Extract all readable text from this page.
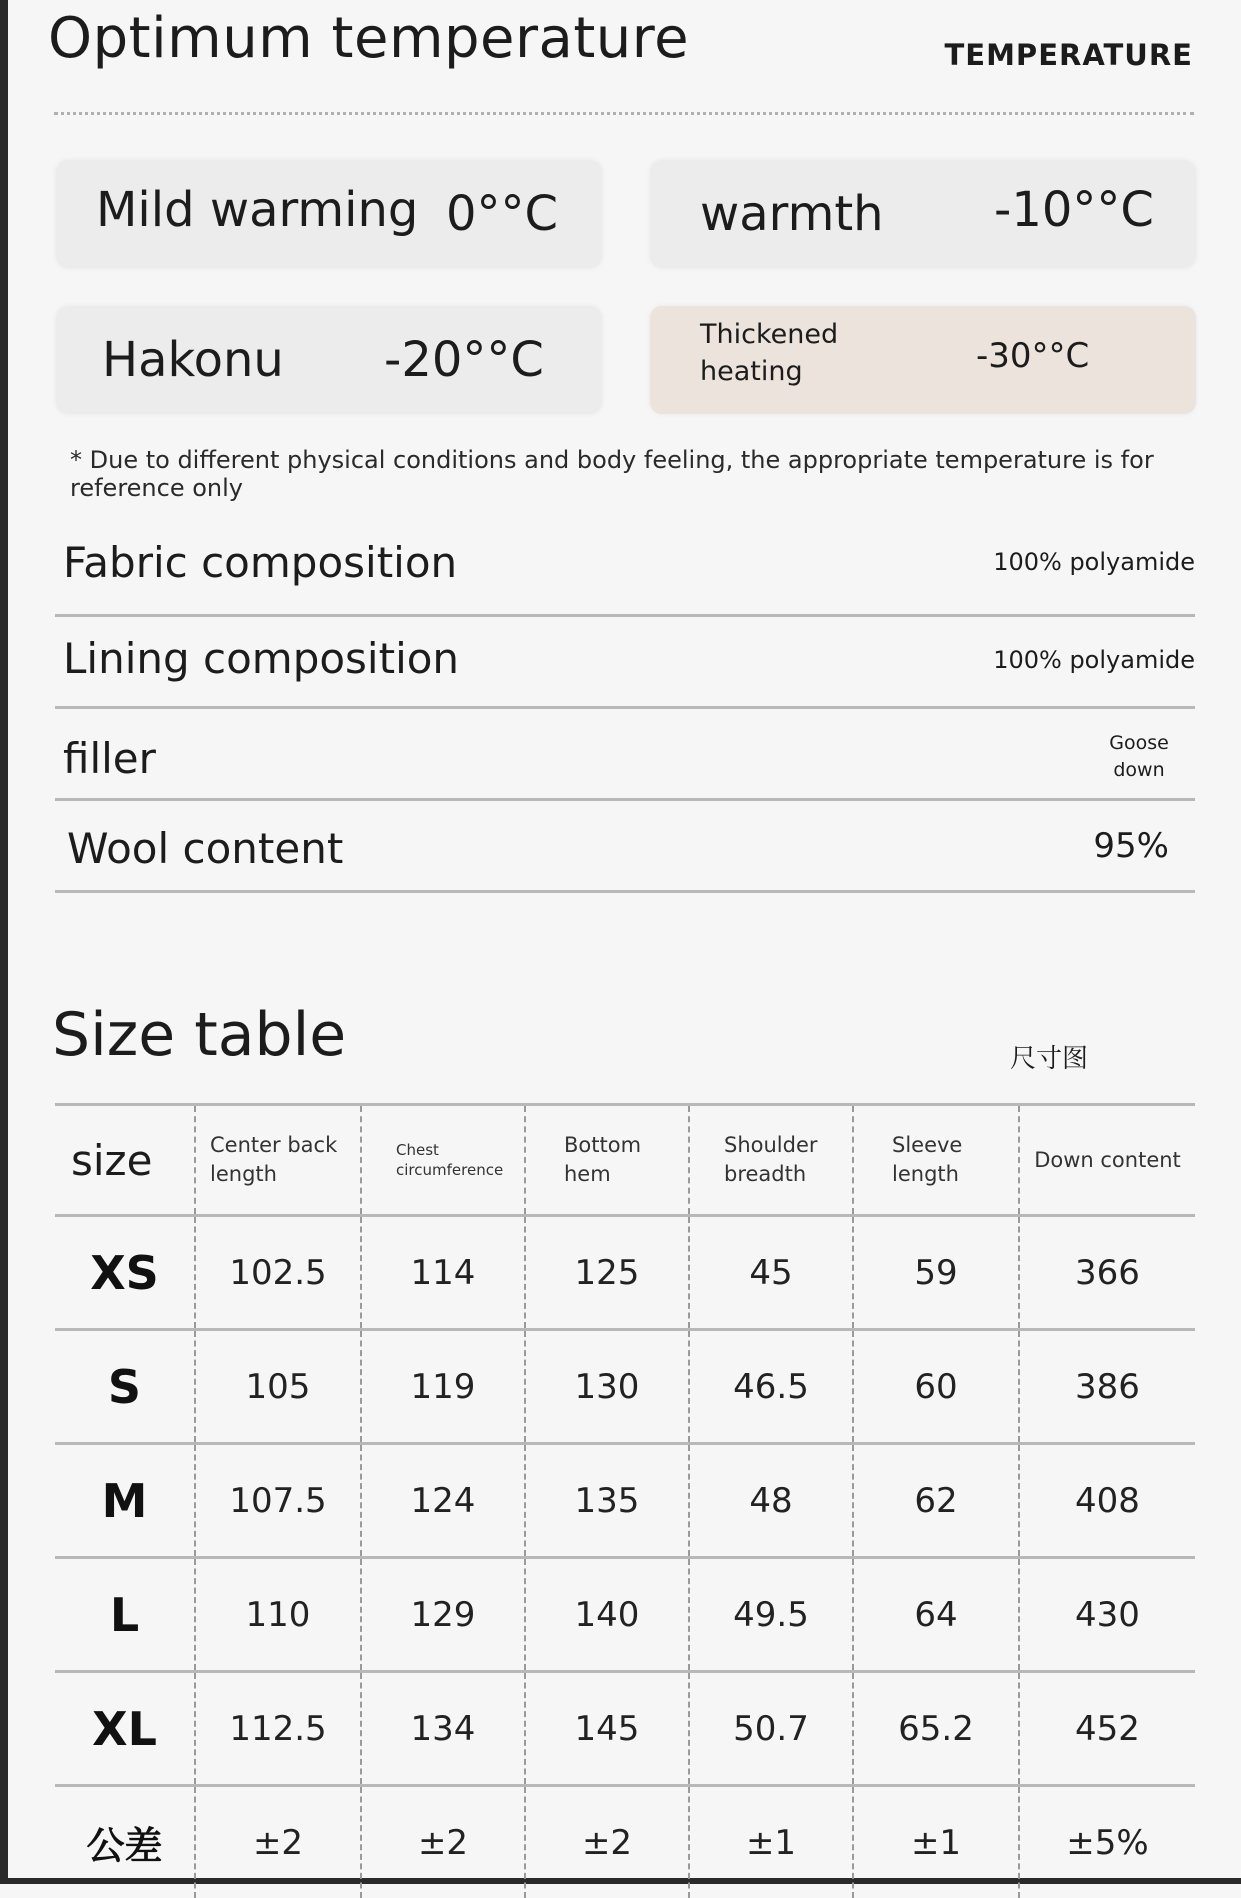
Optimum temperature	TEMPERATURE
Mild warming 0°°C	warmth -10°°C
Hakonu -20°°C	Thickened heating	-30°°C
* Due to different physical conditions and body feeling, the appropriate temperature is for reference only
Fabric composition	100% polyamide
Lining composition	100% polyamide
filler	Goose down
Wool content	95%
Size table	尺寸图
size	Center back length	Chest circumference	Bottom hem	Shoulder breadth	Sleeve length	Down content
XS	102.5	114	125	45	59	366
S	105	119	130	46.5	60	386
M	107.5	124	135	48	62	408
L	110	129	140	49.5	64	430
XL	112.5	134	145	50.7	65.2	452
公差	±2	±2	±2	±1	±1	±5%
